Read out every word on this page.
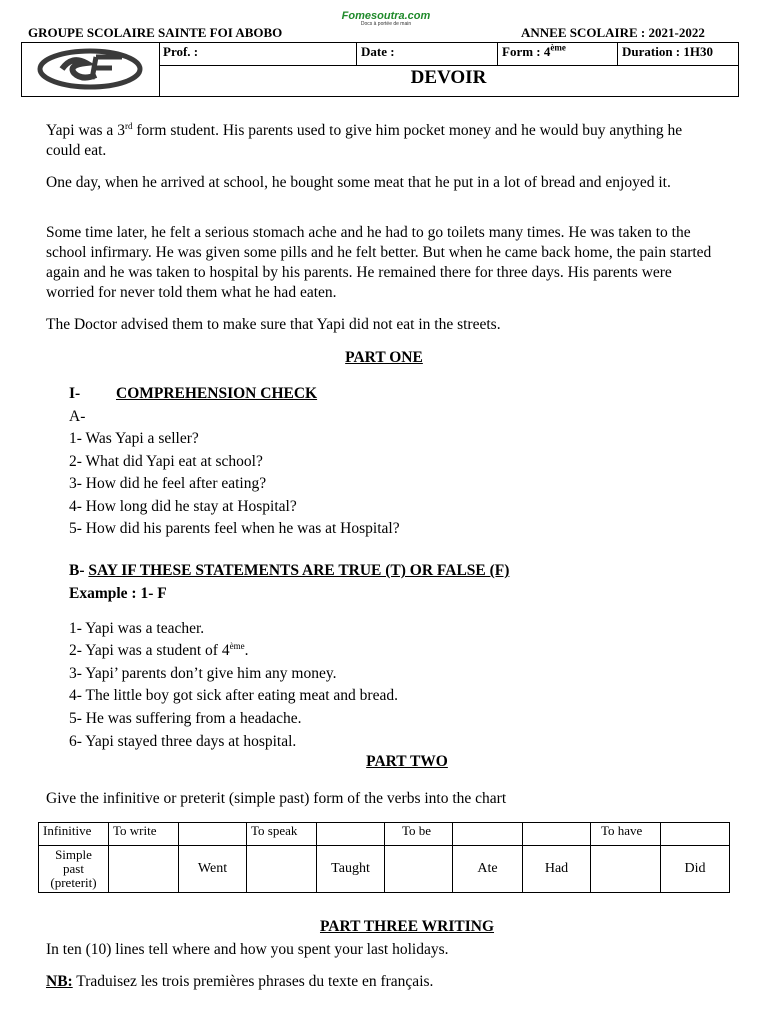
GROUPE SCOLAIRE SAINTE FOI ABOBO
Fomesoutra.com
Docs à portée de main
ANNEE SCOLAIRE : 2021-2022
GSF
Prof. :	Date :	Form : 4ème	Duration : 1H30
DEVOIR
Yapi was a 3rd form student. His parents used to give him pocket money and he would buy anything he could eat.
One day, when he arrived at school, he bought some meat that he put in a lot of bread and enjoyed it.
Some time later, he felt a serious stomach ache and he had to go toilets many times. He was taken to the school infirmary. He was given some pills and he felt better. But when he came back home, the pain started again and he was taken to hospital by his parents. He remained there for three days. His parents were worried for never told them what he had eaten.
The Doctor advised them to make sure that Yapi did not eat in the streets.
PART ONE
I- COMPREHENSION CHECK
A-
1- Was Yapi a seller?
2- What did Yapi eat at school?
3- How did he feel after eating?
4- How long did he stay at Hospital?
5- How did his parents feel when he was at Hospital?
B- SAY IF THESE STATEMENTS ARE TRUE (T) OR FALSE (F)
Example : 1- F
1- Yapi was a teacher.
2- Yapi was a student of 4ème.
3- Yapi’ parents don’t give him any money.
4- The little boy got sick after eating meat and bread.
5- He was suffering from a headache.
6- Yapi stayed three days at hospital.
PART TWO
Give the infinitive or preterit (simple past) form of the verbs into the chart
Infinitive	To write		To speak		To be			To have	

Simple
past
(preterit)		Went		Taught		Ate	Had		Did
PART THREE WRITING
In ten (10) lines tell where and how you spent your last holidays.
NB: Traduisez les trois premières phrases du texte en français.
